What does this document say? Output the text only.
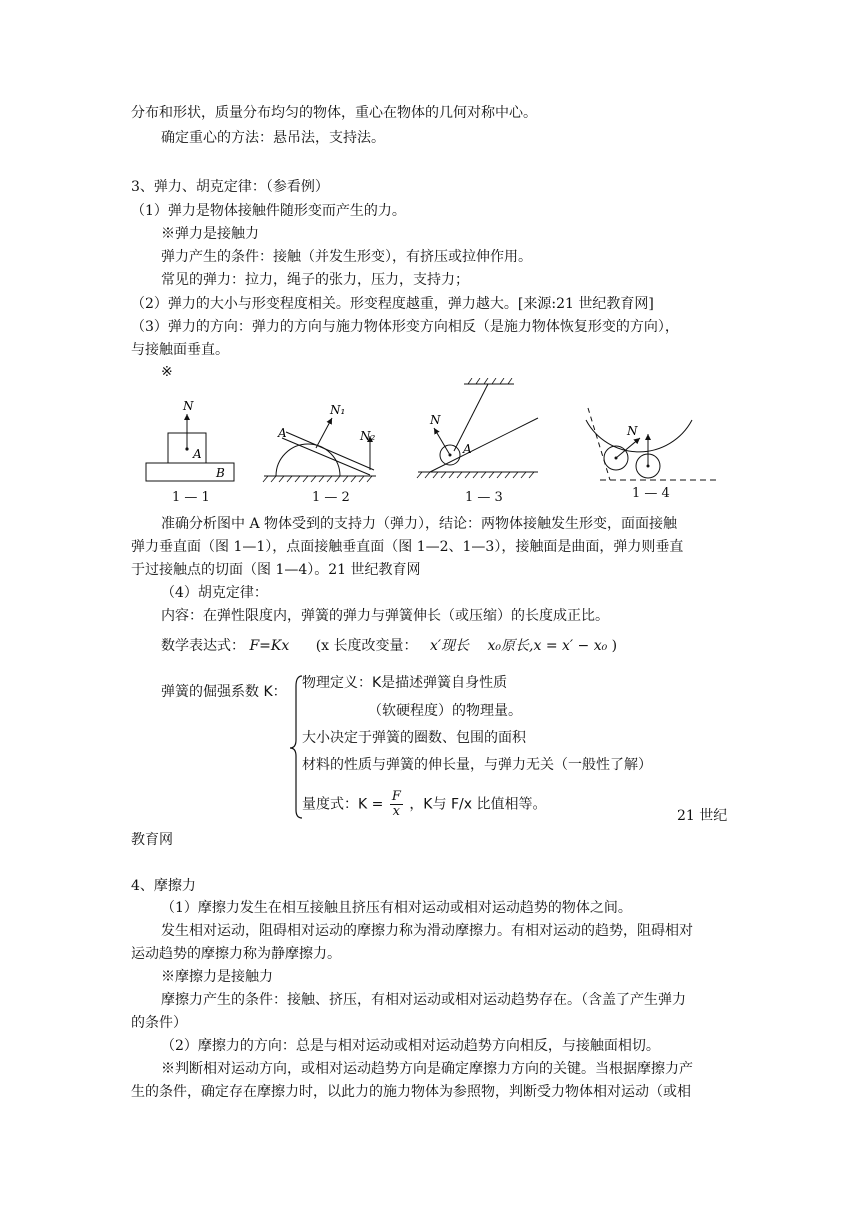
分布和形状，质量分布均匀的物体，重心在物体的几何对称中心。
确定重心的方法：悬吊法，支持法。
3、弹力、胡克定律：（参看例）
（1）弹力是物体接触件随形变而产生的力。
※弹力是接触力
弹力产生的条件：接触（并发生形变），有挤压或拉伸作用。
常见的弹力：拉力，绳子的张力，压力，支持力；
（2）弹力的大小与形变程度相关。形变程度越重，弹力越大。[来源:21 世纪教育网]
（3）弹力的方向：弹力的方向与施力物体形变方向相反（是施力物体恢复形变的方向），
与接触面垂直。
※
N
A
B
A
N₁
N₂
N
A
N
1 — 1	1 — 2	1 — 3	1 — 4
准确分析图中 A 物体受到的支持力（弹力），结论：两物体接触发生形变，面面接触
弹力垂直面（图 1—1），点面接触垂直面（图 1—2、1—3），接触面是曲面，弹力则垂直
于过接触点的切面（图 1—4）。21 世纪教育网
（4）胡克定律：
内容：在弹性限度内，弹簧的弹力与弹簧伸长（或压缩）的长度成正比。
数学表达式： F=Kx (x 长度改变量： x′现长 x₀原长,x = x′ − x₀ )
弹簧的倔强系数 K：
物理定义：K是描述弹簧自身性质
（软硬程度）的物理量。
大小决定于弹簧的圈数、包围的面积
材料的性质与弹簧的伸长量，与弹力无关（一般性了解）
量度式：$K = \frac{F}{x}$ ，K与 F/x 比值相等。
21 世纪
教育网
4、摩擦力
（1）摩擦力发生在相互接触且挤压有相对运动或相对运动趋势的物体之间。
发生相对运动，阻碍相对运动的摩擦力称为滑动摩擦力。有相对运动的趋势，阻碍相对
运动趋势的摩擦力称为静摩擦力。
※摩擦力是接触力
摩擦力产生的条件：接触、挤压，有相对运动或相对运动趋势存在。（含盖了产生弹力
的条件）
（2）摩擦力的方向：总是与相对运动或相对运动趋势方向相反，与接触面相切。
※判断相对运动方向，或相对运动趋势方向是确定摩擦力方向的关键。当根据摩擦力产
生的条件，确定存在摩擦力时，以此力的施力物体为参照物，判断受力物体相对运动（或相
